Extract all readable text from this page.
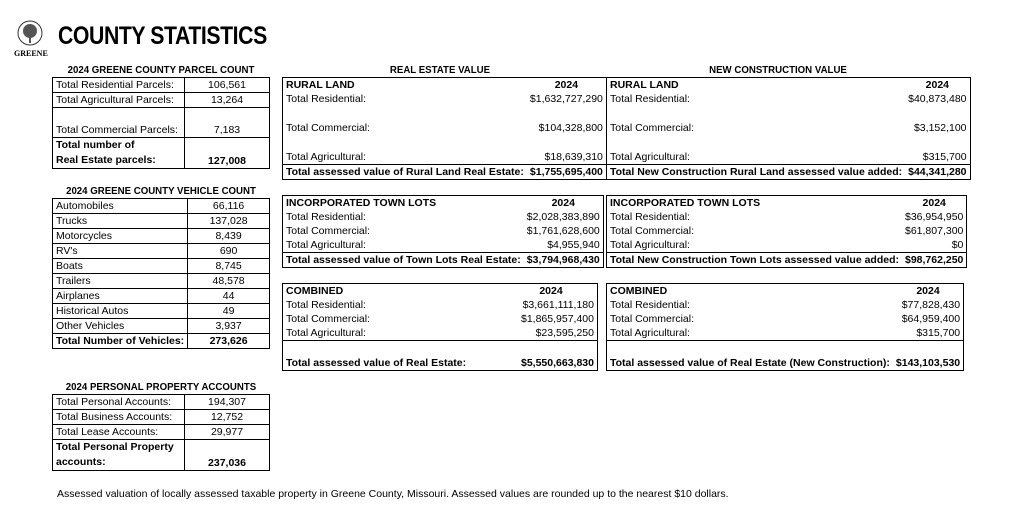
GREENE
COUNTY STATISTICS
2024 GREENE COUNTY PARCEL COUNT
Total Residential Parcels:	106,561
Total Agricultural Parcels:	13,264
Total Commercial Parcels:	7,183
Total number of
Real Estate parcels:	127,008
2024 GREENE COUNTY VEHICLE COUNT
Automobiles	66,116
Trucks	137,028
Motorcycles	8,439
RV's	690
Boats	8,745
Trailers	48,578
Airplanes	44
Historical Autos	49
Other Vehicles	3,937
Total Number of Vehicles:	273,626
2024 PERSONAL PROPERTY ACCOUNTS
Total Personal Accounts:	194,307
Total Business Accounts:	12,752
Total Lease Accounts:	29,977
Total Personal Property
accounts:	237,036
REAL ESTATE VALUE
RURAL LAND	2024
Total Residential:	$1,632,727,290
Total Commercial:	$104,328,800
Total Agricultural:	$18,639,310
Total assessed value of Rural Land Real Estate:	$1,755,695,400
INCORPORATED TOWN LOTS	2024
Total Residential:	$2,028,383,890
Total Commercial:	$1,761,628,600
Total Agricultural:	$4,955,940
Total assessed value of Town Lots Real Estate:	$3,794,968,430
COMBINED	2024
Total Residential:	$3,661,111,180
Total Commercial:	$1,865,957,400
Total Agricultural:	$23,595,250
Total assessed value of Real Estate:	$5,550,663,830
NEW CONSTRUCTION VALUE
RURAL LAND	2024
Total Residential:	$40,873,480
Total Commercial:	$3,152,100
Total Agricultural:	$315,700
Total New Construction Rural Land assessed value added:	$44,341,280
INCORPORATED TOWN LOTS	2024
Total Residential:	$36,954,950
Total Commercial:	$61,807,300
Total Agricultural:	$0
Total New Construction Town Lots assessed value added:	$98,762,250
COMBINED	2024
Total Residential:	$77,828,430
Total Commercial:	$64,959,400
Total Agricultural:	$315,700
Total assessed value of Real Estate (New Construction):	$143,103,530
Assessed valuation of locally assessed taxable property in Greene County, Missouri. Assessed values are rounded up to the nearest $10 dollars.
